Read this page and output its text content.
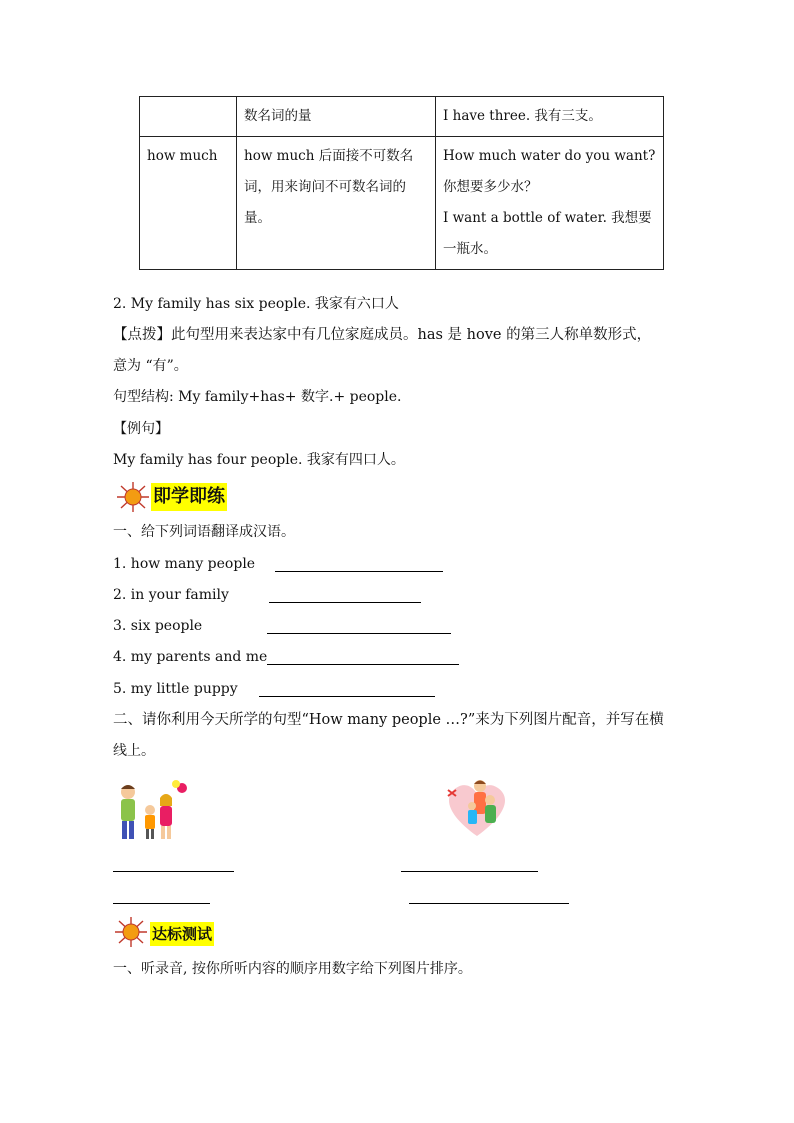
	数名词的量	I have three. 我有三支。
how much	how much 后面接不可数名词，用来询问不可数名词的量。	How much water do you want? 你想要多少水？
I want a bottle of water. 我想要一瓶水。
2. My family has six people. 我家有六口人
【点拨】此句型用来表达家中有几位家庭成员。has 是 hove 的第三人称单数形式，
意为 “有”。
句型结构: My family+has+ 数字.+ people.
【例句】
My family has four people. 我家有四口人。
即学即练
一、给下列词语翻译成汉语。
1. how many people
2. in your family
3. six people
4. my parents and me
5. my little puppy
二、请你利用今天所学的句型“How many people …?”来为下列图片配音，并写在横
线上。
达标测试
一、听录音, 按你所听内容的顺序用数字给下列图片排序。
